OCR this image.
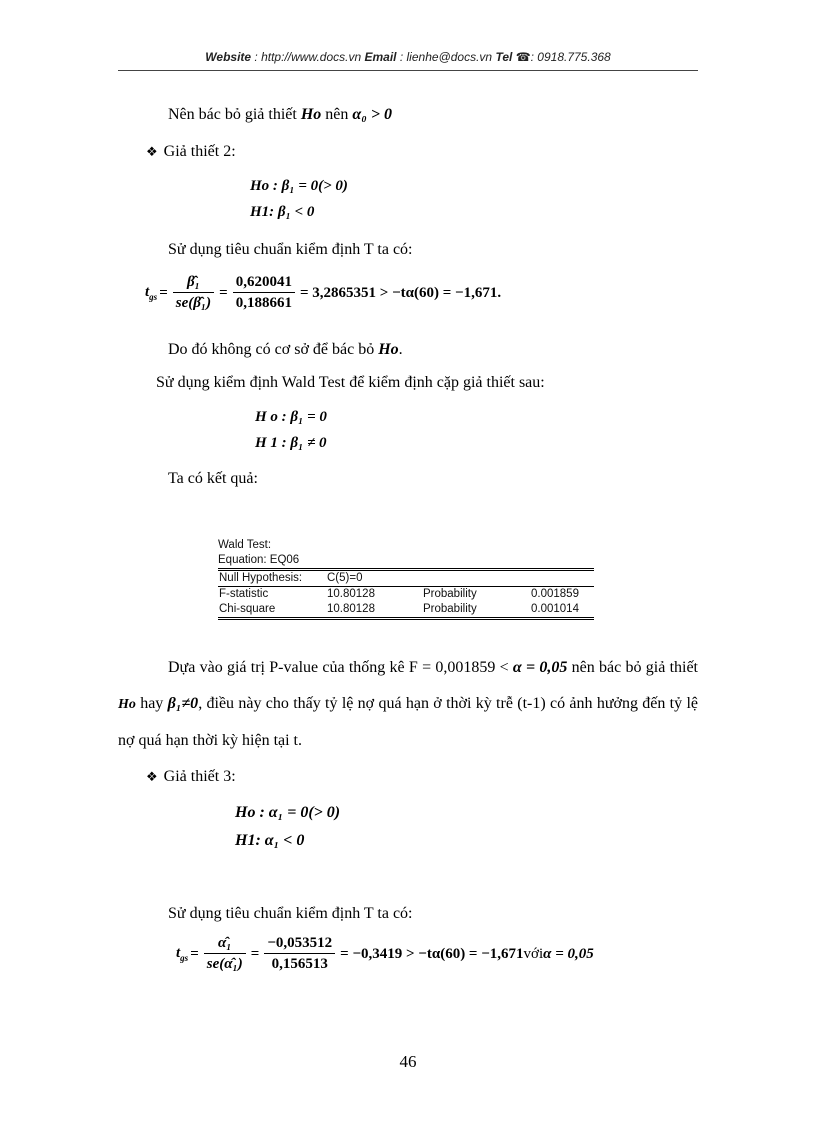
Website : http://www.docs.vn Email : lienhe@docs.vn Tel ☎: 0918.775.368
Nên bác bỏ giả thiết Ho nên α₀ > 0
❖ Giả thiết 2:
Ho : β₁ = 0(> 0)
H1: β₁ < 0
Sử dụng tiêu chuẩn kiểm định T ta có:
$t_{gs} = \frac{\text{β̂₁}}{\text{se(β̂₁)}} = \frac{0,620041}{0,188661} = 3,2865351 > -t\alpha(60) = -1,671$.
Do đó không có cơ sở để bác bỏ Ho.
Sử dụng kiểm định Wald Test để kiểm định cặp giả thiết sau:
H o : β₁ = 0
H 1 : β₁ ≠ 0
Ta có kết quả:
Wald Test:
Equation: EQ06
Null Hypothesis:	C(5)=0		
F-statistic	10.80128	Probability	0.001859
Chi-square	10.80128	Probability	0.001014
Dựa vào giá trị P-value của thống kê F = 0,001859 < α = 0,05 nên bác bỏ giả thiết Ho hay β₁≠0, điều này cho thấy tỷ lệ nợ quá hạn ở thời kỳ trễ (t-1) có ảnh hưởng đến tỷ lệ nợ quá hạn thời kỳ hiện tại t.
❖ Giả thiết 3:
Ho : α₁ = 0(> 0)
H1: α₁ < 0
Sử dụng tiêu chuẩn kiểm định T ta có:
$t_{gs} = \frac{\text{α̂₁}}{\text{se(α̂₁)}} = \frac{-0,053512}{0,156513} = -0,3419 > -t\alpha(60) = -1,671$ với α = 0,05
46
